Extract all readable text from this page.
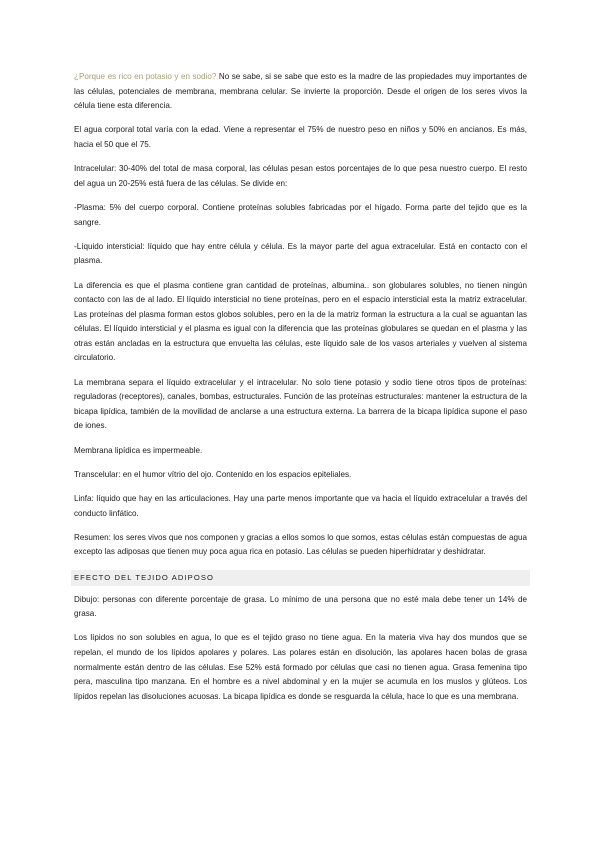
¿Porque es rico en potasio y en sodio? No se sabe, si se sabe que esto es la madre de las propiedades muy importantes de las células, potenciales de membrana, membrana celular. Se invierte la proporción. Desde el origen de los seres vivos la célula tiene esta diferencia.

El agua corporal total varía con la edad. Viene a representar el 75% de nuestro peso en niños y 50% en ancianos. Es más, hacia el 50 que el 75.

Intracelular: 30-40% del total de masa corporal, las células pesan estos porcentajes de lo que pesa nuestro cuerpo. El resto del agua un 20-25% está fuera de las células. Se divide en:

-Plasma: 5% del cuerpo corporal. Contiene proteínas solubles fabricadas por el hígado. Forma parte del tejido que es la sangre.

-Líquido intersticial: líquido que hay entre célula y célula. Es la mayor parte del agua extracelular. Está en contacto con el plasma.

La diferencia es que el plasma contiene gran cantidad de proteínas, albumina.. son globulares solubles, no tienen ningún contacto con las de al lado. El líquido intersticial no tiene proteínas, pero en el espacio intersticial esta la matriz extracelular. Las proteínas del plasma forman estos globos solubles, pero en la de la matriz forman la estructura a la cual se aguantan las células. El líquido intersticial y el plasma es igual con la diferencia que las proteínas globulares se quedan en el plasma y las otras están ancladas en la estructura que envuelta las células, este líquido sale de los vasos arteriales y vuelven al sistema circulatorio.

La membrana separa el líquido extracelular y el intracelular. No solo tiene potasio y sodio tiene otros tipos de proteínas: reguladoras (receptores), canales, bombas, estructurales. Función de las proteínas estructurales: mantener la estructura de la bicapa lipídica, también de la movilidad de anclarse a una estructura externa. La barrera de la bicapa lipídica supone el paso de iones.

Membrana lipídica es impermeable.

Transcelular: en el humor vítrio del ojo. Contenido en los espacios epiteliales.

Linfa: líquido que hay en las articulaciones. Hay una parte menos importante que va hacia el líquido extracelular a través del conducto linfático.

Resumen: los seres vivos que nos componen y gracias a ellos somos lo que somos, estas células están compuestas de agua excepto las adiposas que tienen muy poca agua rica en potasio. Las células se pueden hiperhidratar y deshidratar.

EFECTO DEL TEJIDO ADIPOSO

Dibujo: personas con diferente porcentaje de grasa. Lo mínimo de una persona que no esté mala debe tener un 14% de grasa.

Los lípidos no son solubles en agua, lo que es el tejido graso no tiene agua. En la materia viva hay dos mundos que se repelan, el mundo de los lípidos apolares y polares. Las polares están en disolución, las apolares hacen bolas de grasa normalmente están dentro de las células. Ese 52% está formado por células que casi no tienen agua. Grasa femenina tipo pera, masculina tipo manzana. En el hombre es a nivel abdominal y en la mujer se acumula en los muslos y glúteos. Los lípidos repelan las disoluciones acuosas. La bicapa lipídica es donde se resguarda la célula, hace lo que es una membrana.
